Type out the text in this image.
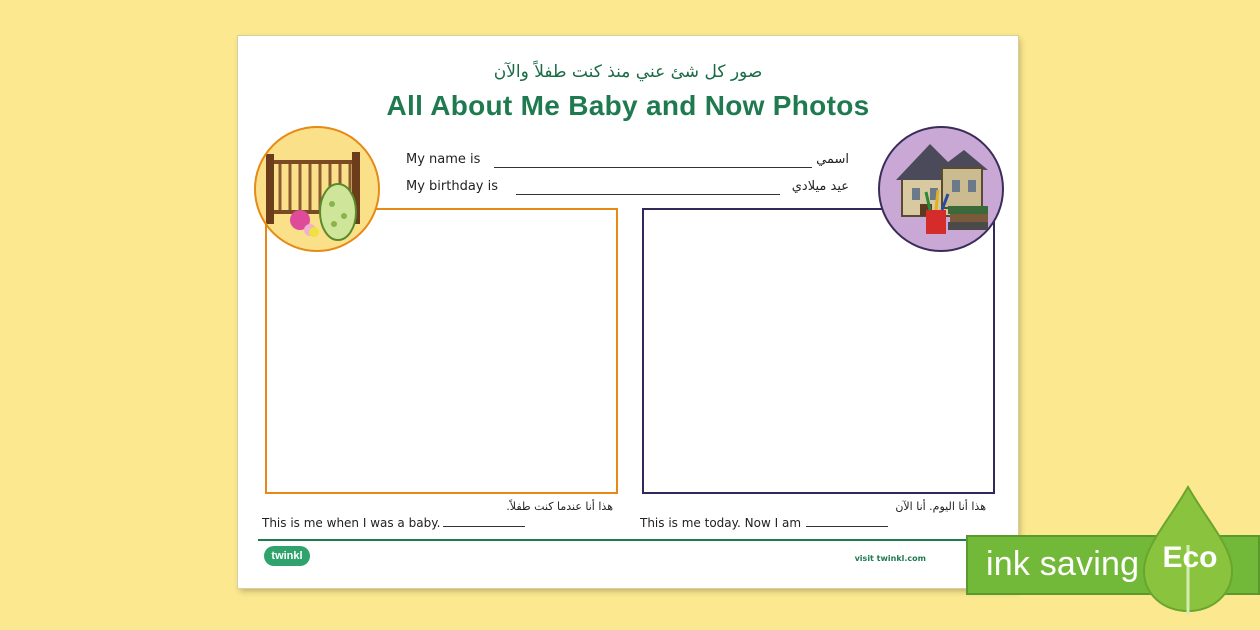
صور كل شئ عني منذ كنت طفلاً والآن
All About Me Baby and Now Photos
My name is	اسمي
My birthday is	عيد ميلادي
هذا أنا عندما كنت طفلاً.
This is me when I was a baby.
هذا أنا اليوم. أنا الآن
This is me today. Now I am
twinkl	visit twinkl.com ink saving Eco
